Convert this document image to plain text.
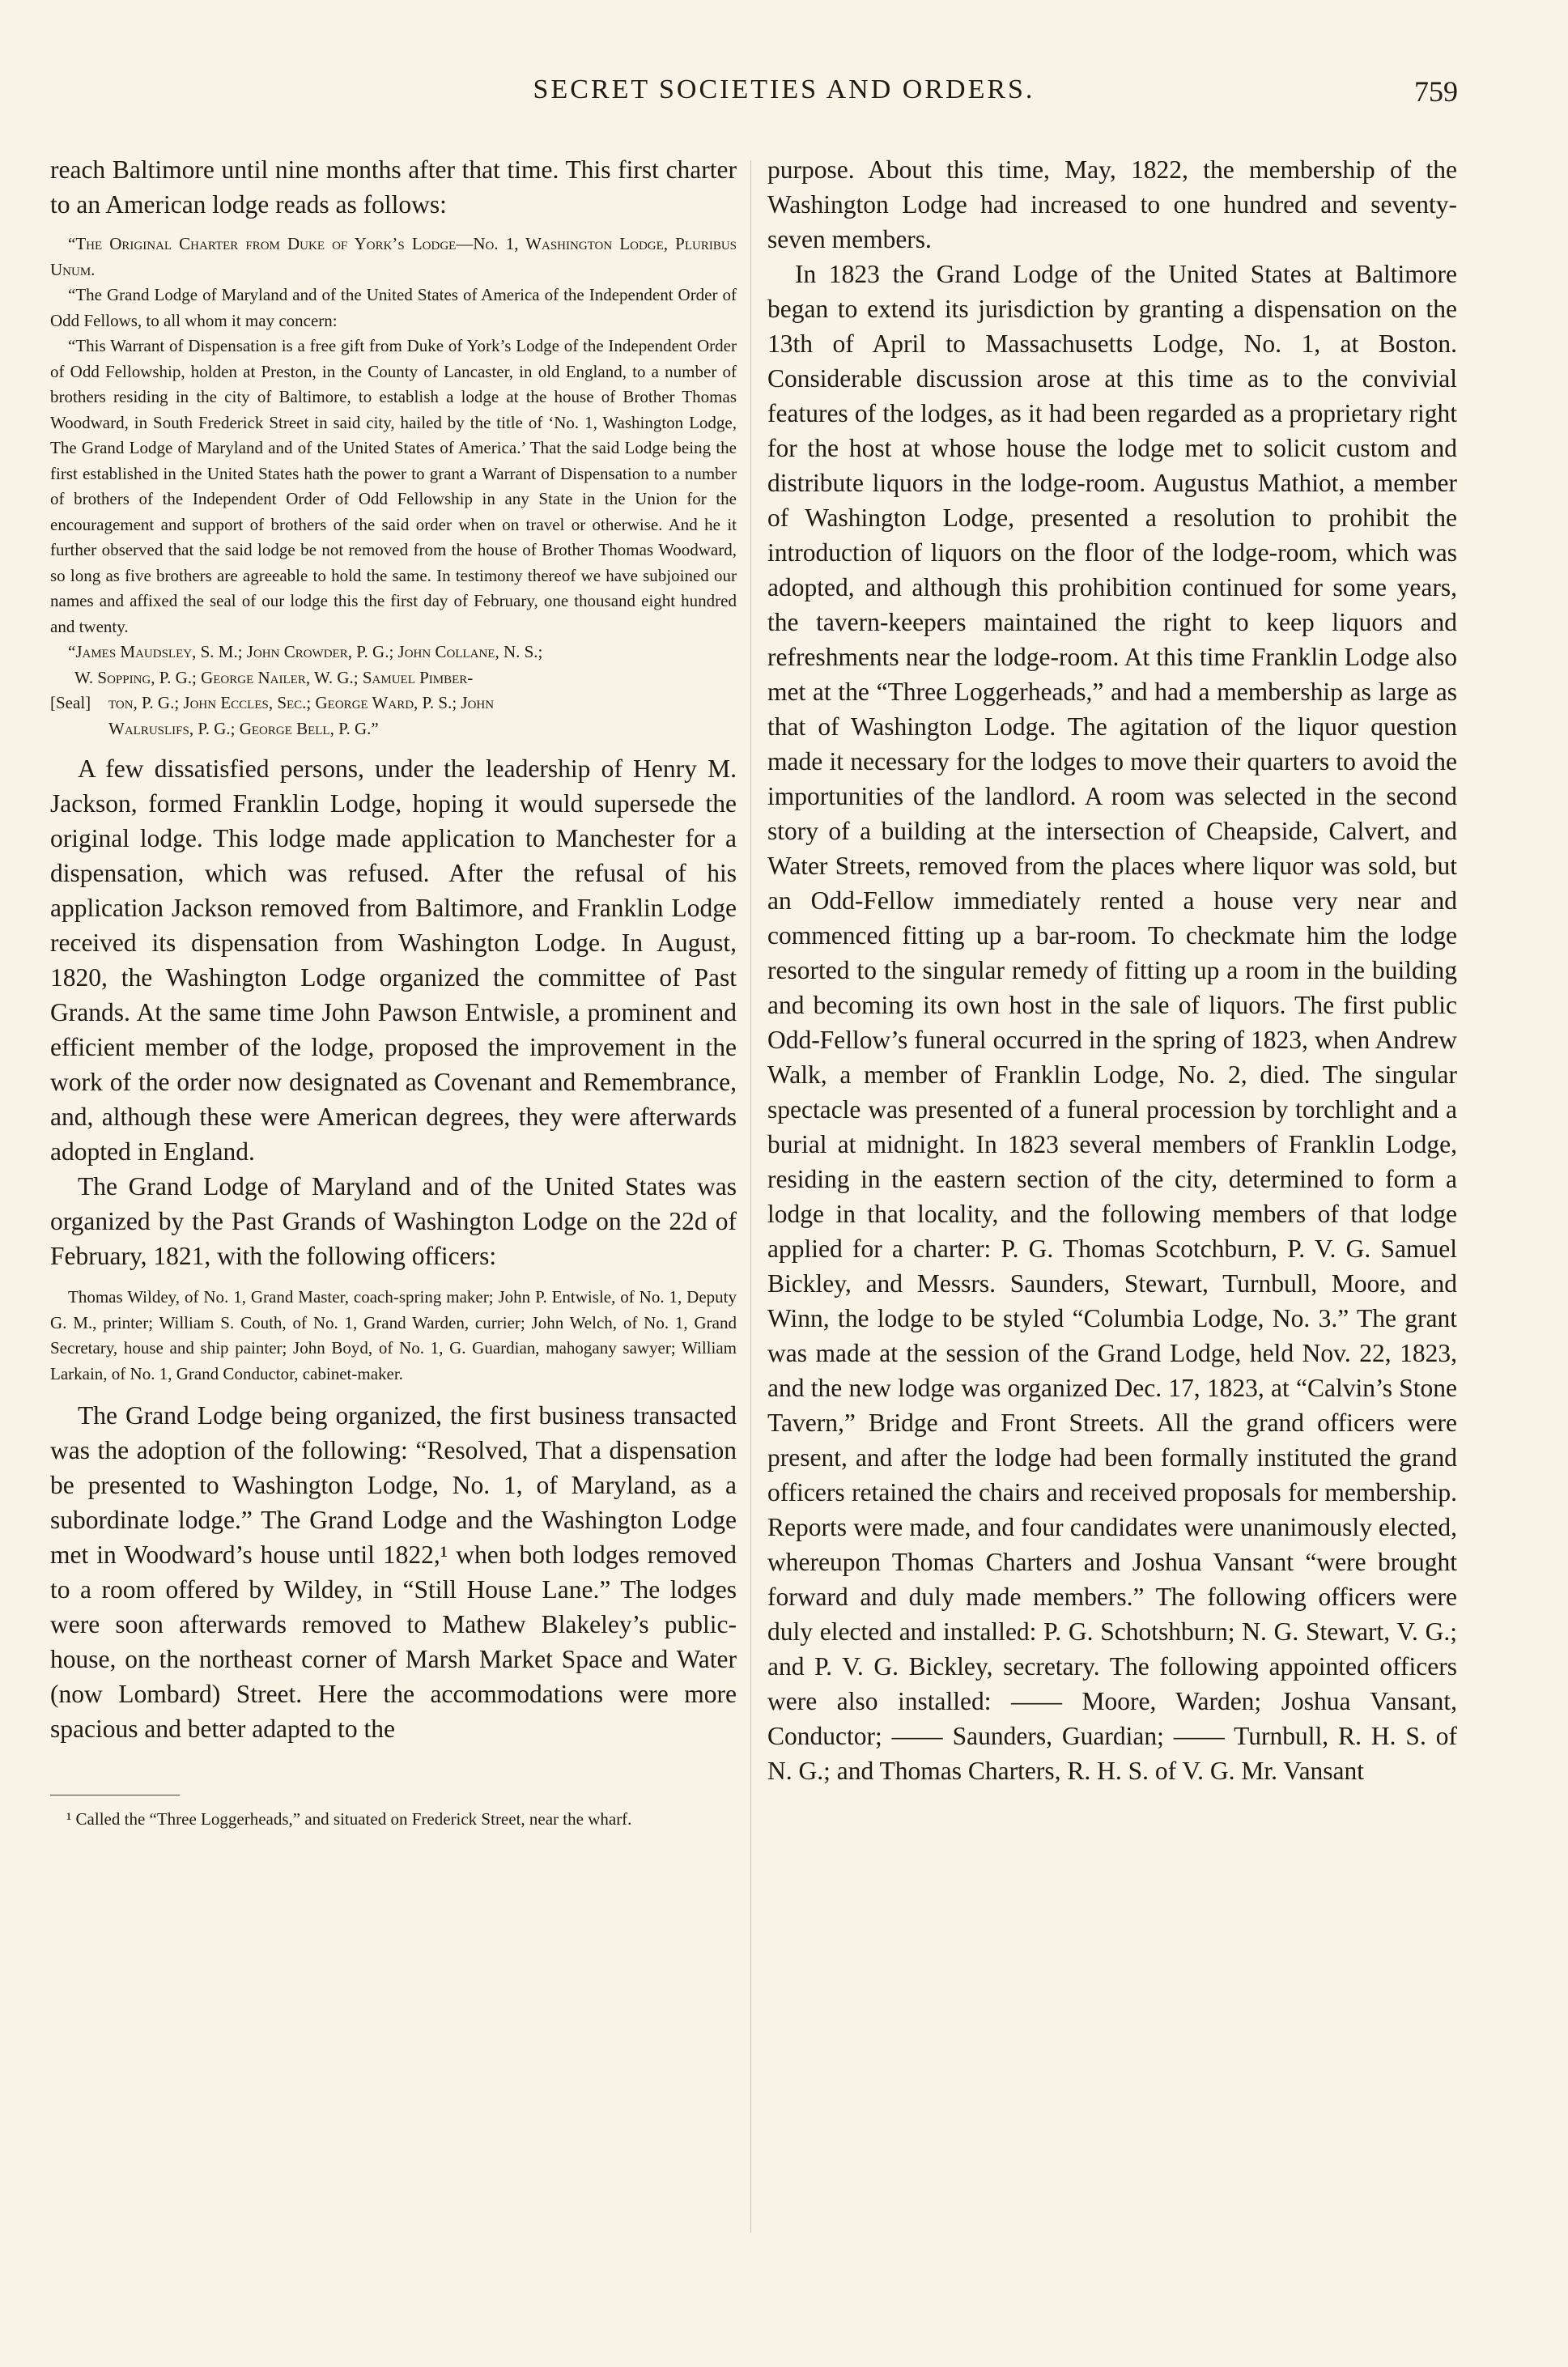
SECRET SOCIETIES AND ORDERS.	759

reach Baltimore until nine months after that time. This first charter to an American lodge reads as follows:

“The Original Charter from Duke of York’s Lodge—No. 1, Washington Lodge, Pluribus Unum.

“The Grand Lodge of Maryland and of the United States of America of the Independent Order of Odd Fellows, to all whom it may concern:

“This Warrant of Dispensation is a free gift from Duke of York’s Lodge of the Independent Order of Odd Fellowship, holden at Preston, in the County of Lancaster, in old England, to a number of brothers residing in the city of Baltimore, to establish a lodge at the house of Brother Thomas Woodward, in South Frederick Street in said city, hailed by the title of ‘No. 1, Washington Lodge, The Grand Lodge of Maryland and of the United States of America.’ That the said Lodge being the first established in the United States hath the power to grant a Warrant of Dispensation to a number of brothers of the Independent Order of Odd Fellowship in any State in the Union for the encouragement and support of brothers of the said order when on travel or otherwise. And he it further observed that the said lodge be not removed from the house of Brother Thomas Woodward, so long as five brothers are agreeable to hold the same. In testimony thereof we have subjoined our names and affixed the seal of our lodge this the first day of February, one thousand eight hundred and twenty.

“James Maudsley, S. M.; John Crowder, P. G.; John Collane, N. S.;

W. Sopping, P. G.; George Nailer, W. G.; Samuel Pimber-

[Seal]	ton, P. G.; John Eccles, Sec.; George Ward, P. S.; John

Walruslifs, P. G.; George Bell, P. G.”

A few dissatisfied persons, under the leadership of Henry M. Jackson, formed Franklin Lodge, hoping it would supersede the original lodge. This lodge made application to Manchester for a dispensation, which was refused. After the refusal of his application Jackson removed from Baltimore, and Franklin Lodge received its dispensation from Washington Lodge. In August, 1820, the Washington Lodge organized the committee of Past Grands. At the same time John Pawson Entwisle, a prominent and efficient member of the lodge, proposed the improvement in the work of the order now designated as Covenant and Remembrance, and, although these were American degrees, they were afterwards adopted in England.

The Grand Lodge of Maryland and of the United States was organized by the Past Grands of Washington Lodge on the 22d of February, 1821, with the following officers:

Thomas Wildey, of No. 1, Grand Master, coach-spring maker; John P. Entwisle, of No. 1, Deputy G. M., printer; William S. Couth, of No. 1, Grand Warden, currier; John Welch, of No. 1, Grand Secretary, house and ship painter; John Boyd, of No. 1, G. Guardian, mahogany sawyer; William Larkain, of No. 1, Grand Conductor, cabinet-maker.

The Grand Lodge being organized, the first business transacted was the adoption of the following: “Resolved, That a dispensation be presented to Washington Lodge, No. 1, of Maryland, as a subordinate lodge.” The Grand Lodge and the Washington Lodge met in Woodward’s house until 1822,¹ when both lodges removed to a room offered by Wildey, in “Still House Lane.” The lodges were soon afterwards removed to Mathew Blakeley’s public-house, on the northeast corner of Marsh Market Space and Water (now Lombard) Street. Here the accommodations were more spacious and better adapted to the

¹ Called the “Three Loggerheads,” and situated on Frederick Street, near the wharf.

purpose. About this time, May, 1822, the membership of the Washington Lodge had increased to one hundred and seventy-seven members.

In 1823 the Grand Lodge of the United States at Baltimore began to extend its jurisdiction by granting a dispensation on the 13th of April to Massachusetts Lodge, No. 1, at Boston. Considerable discussion arose at this time as to the convivial features of the lodges, as it had been regarded as a proprietary right for the host at whose house the lodge met to solicit custom and distribute liquors in the lodge-room. Augustus Mathiot, a member of Washington Lodge, presented a resolution to prohibit the introduction of liquors on the floor of the lodge-room, which was adopted, and although this prohibition continued for some years, the tavern-keepers maintained the right to keep liquors and refreshments near the lodge-room. At this time Franklin Lodge also met at the “Three Loggerheads,” and had a membership as large as that of Washington Lodge. The agitation of the liquor question made it necessary for the lodges to move their quarters to avoid the importunities of the landlord. A room was selected in the second story of a building at the intersection of Cheapside, Calvert, and Water Streets, removed from the places where liquor was sold, but an Odd-Fellow immediately rented a house very near and commenced fitting up a bar-room. To checkmate him the lodge resorted to the singular remedy of fitting up a room in the building and becoming its own host in the sale of liquors. The first public Odd-Fellow’s funeral occurred in the spring of 1823, when Andrew Walk, a member of Franklin Lodge, No. 2, died. The singular spectacle was presented of a funeral procession by torchlight and a burial at midnight. In 1823 several members of Franklin Lodge, residing in the eastern section of the city, determined to form a lodge in that locality, and the following members of that lodge applied for a charter: P. G. Thomas Scotchburn, P. V. G. Samuel Bickley, and Messrs. Saunders, Stewart, Turnbull, Moore, and Winn, the lodge to be styled “Columbia Lodge, No. 3.” The grant was made at the session of the Grand Lodge, held Nov. 22, 1823, and the new lodge was organized Dec. 17, 1823, at “Calvin’s Stone Tavern,” Bridge and Front Streets. All the grand officers were present, and after the lodge had been formally instituted the grand officers retained the chairs and received proposals for membership. Reports were made, and four candidates were unanimously elected, whereupon Thomas Charters and Joshua Vansant “were brought forward and duly made members.” The following officers were duly elected and installed: P. G. Schotshburn; N. G. Stewart, V. G.; and P. V. G. Bickley, secretary. The following appointed officers were also installed: —— Moore, Warden; Joshua Vansant, Conductor; —— Saunders, Guardian; —— Turnbull, R. H. S. of N. G.; and Thomas Charters, R. H. S. of V. G. Mr. Vansant
